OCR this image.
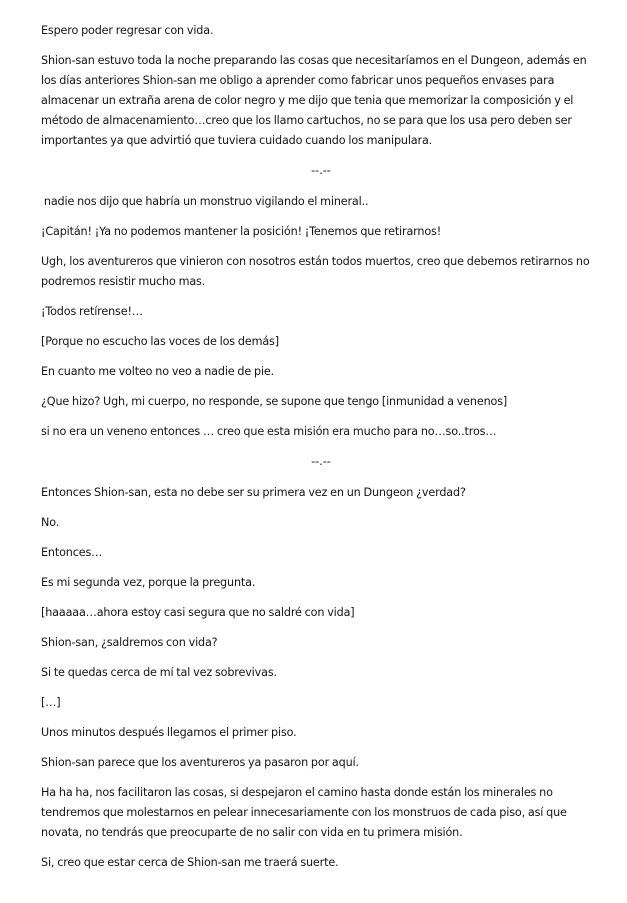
Espero poder regresar con vida.

Shion-san estuvo toda la noche preparando las cosas que necesitaríamos en el Dungeon, además en los días anteriores Shion-san me obligo a aprender como fabricar unos pequeños envases para almacenar un extraña arena de color negro y me dijo que tenia que memorizar la composición y el método de almacenamiento…creo que los llamo cartuchos, no se para que los usa pero deben ser importantes ya que advirtió que tuviera cuidado cuando los manipulara.

--.--

nadie nos dijo que habría un monstruo vigilando el mineral..

¡Capitán! ¡Ya no podemos mantener la posición! ¡Tenemos que retirarnos!

Ugh, los aventureros que vinieron con nosotros están todos muertos, creo que debemos retirarnos no podremos resistir mucho mas.

¡Todos retírense!…

[Porque no escucho las voces de los demás]

En cuanto me volteo no veo a nadie de pie.

¿Que hizo? Ugh, mi cuerpo, no responde, se supone que tengo [inmunidad a venenos]

si no era un veneno entonces … creo que esta misión era mucho para no…so..tros…

--.--

Entonces Shion-san, esta no debe ser su primera vez en un Dungeon ¿verdad?

No.

Entonces…

Es mi segunda vez, porque la pregunta.

[haaaaa…ahora estoy casi segura que no saldré con vida]

Shion-san, ¿saldremos con vida?

Si te quedas cerca de mí tal vez sobrevivas.

[…]

Unos minutos después llegamos el primer piso.

Shion-san parece que los aventureros ya pasaron por aquí.

Ha ha ha, nos facilitaron las cosas, si despejaron el camino hasta donde están los minerales no tendremos que molestarnos en pelear innecesariamente con los monstruos de cada piso, así que novata, no tendrás que preocuparte de no salir con vida en tu primera misión.

Si, creo que estar cerca de Shion-san me traerá suerte.
